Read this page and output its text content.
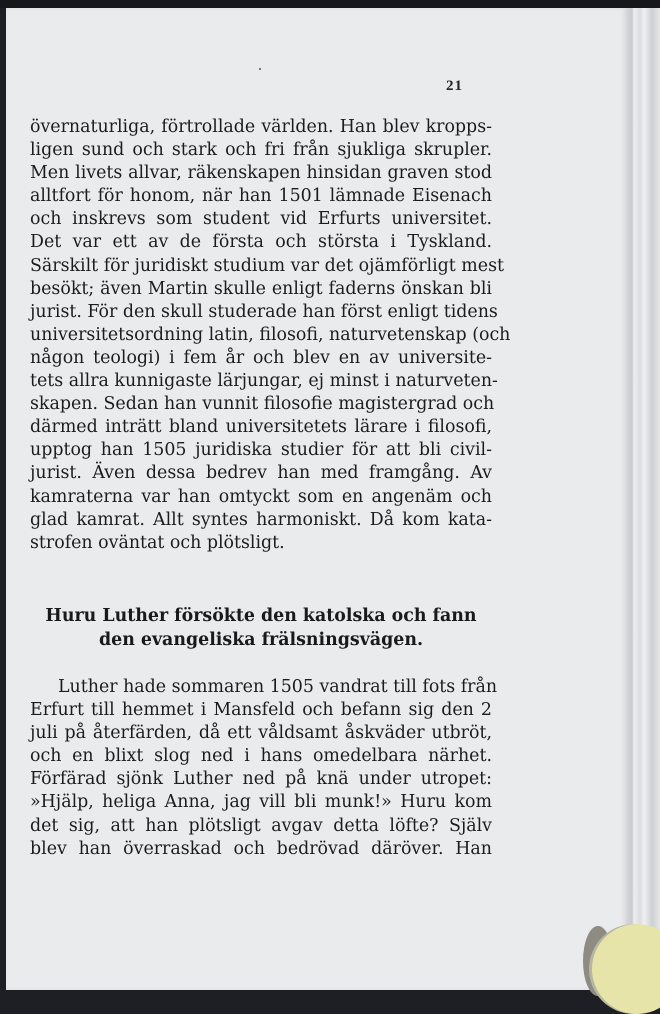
21
övernaturliga, förtrollade världen. Han blev kropps-
ligen sund och stark och fri från sjukliga skrupler.
Men livets allvar, räkenskapen hinsidan graven stod
alltfort för honom, när han 1501 lämnade Eisenach
och inskrevs som student vid Erfurts universitet.
Det var ett av de första och största i Tyskland.
Särskilt för juridiskt studium var det ojämförligt mest
besökt; även Martin skulle enligt faderns önskan bli
jurist. För den skull studerade han först enligt tidens
universitetsordning latin, filosofi, naturvetenskap (och
någon teologi) i fem år och blev en av universite-
tets allra kunnigaste lärjungar, ej minst i naturveten-
skapen. Sedan han vunnit filosofie magistergrad och
därmed inträtt bland universitetets lärare i filosofi,
upptog han 1505 juridiska studier för att bli civil-
jurist. Även dessa bedrev han med framgång. Av
kamraterna var han omtyckt som en angenäm och
glad kamrat. Allt syntes harmoniskt. Då kom kata-
strofen oväntat och plötsligt.
Huru Luther försökte den katolska och fann
den evangeliska frälsningsvägen.
Luther hade sommaren 1505 vandrat till fots från
Erfurt till hemmet i Mansfeld och befann sig den 2
juli på återfärden, då ett våldsamt åskväder utbröt,
och en blixt slog ned i hans omedelbara närhet.
Förfärad sjönk Luther ned på knä under utropet:
»Hjälp, heliga Anna, jag vill bli munk!» Huru kom
det sig, att han plötsligt avgav detta löfte? Själv
blev han överraskad och bedrövad däröver. Han
